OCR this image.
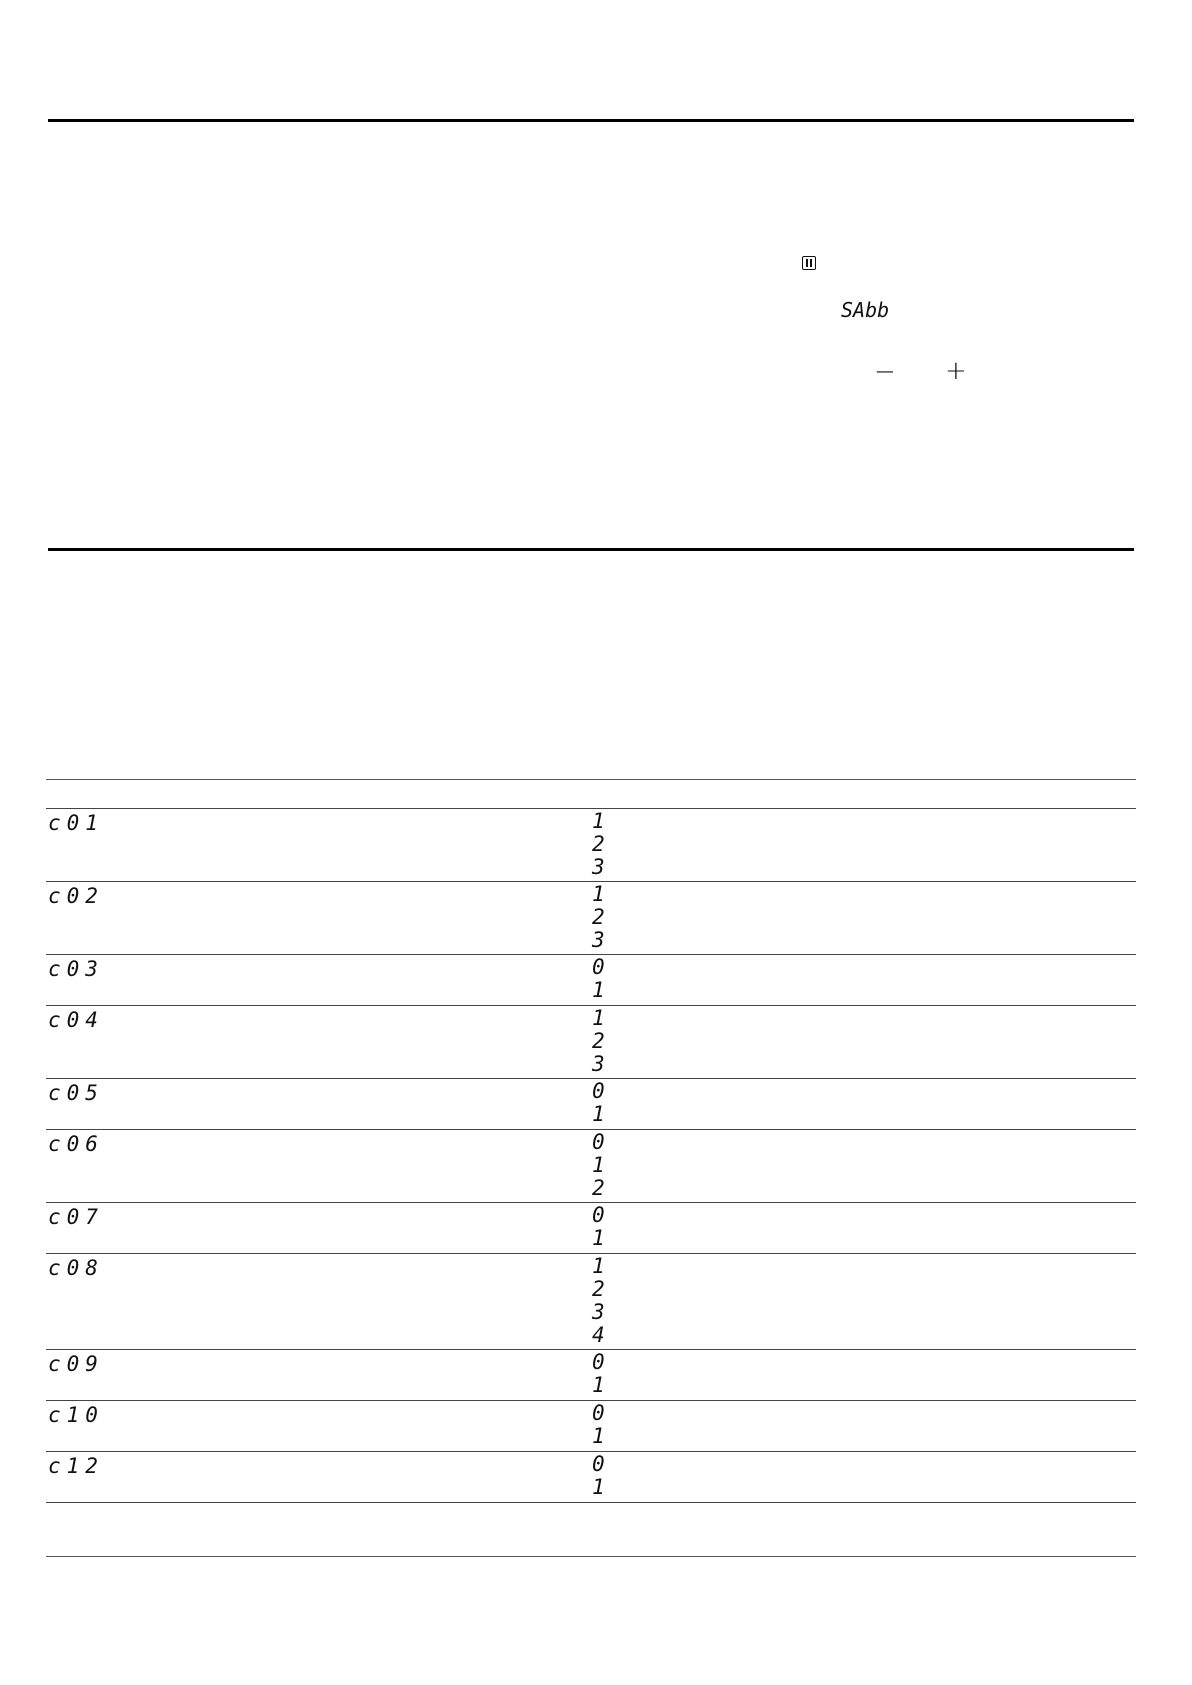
SAbb
− +
c01	1
2
3
c02	1
2
3
c03	0
1
c04	1
2
3
c05	0
1
c06	0
1
2
c07	0
1
c08	1
2
3
4
c09	0
1
c10	0
1
c12	0
1
